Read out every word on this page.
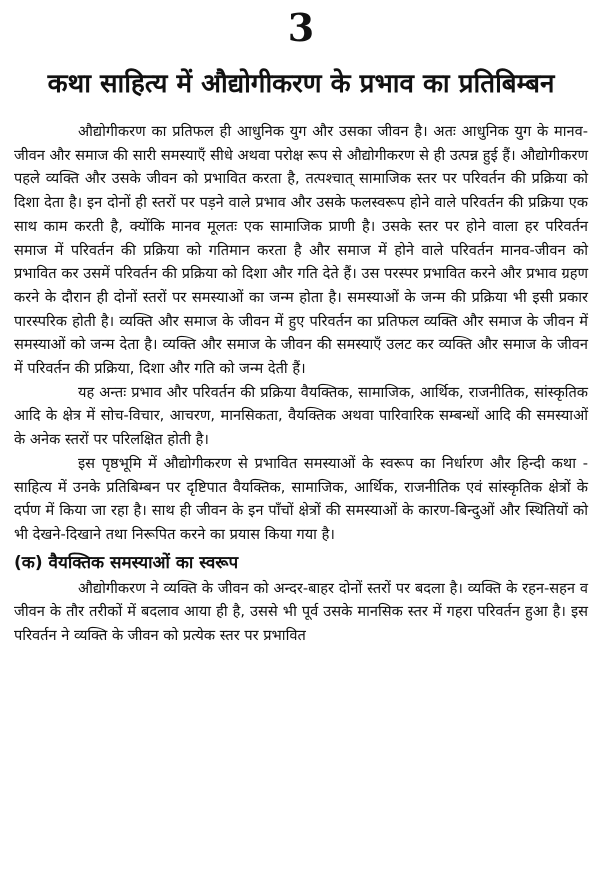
3
कथा साहित्य में औद्योगीकरण के प्रभाव का प्रतिबिम्बन

औद्योगीकरण का प्रतिफल ही आधुनिक युग और उसका जीवन है। अतः आधुनिक युग के मानव-जीवन और समाज की सारी समस्याएँ सीधे अथवा परोक्ष रूप से औद्योगीकरण से ही उत्पन्न हुई हैं। औद्योगीकरण पहले व्यक्ति और उसके जीवन को प्रभावित करता है, तत्पश्चात् सामाजिक स्तर पर परिवर्तन की प्रक्रिया को दिशा देता है। इन दोनों ही स्तरों पर पड़ने वाले प्रभाव और उसके फलस्वरूप होने वाले परिवर्तन की प्रक्रिया एक साथ काम करती है, क्योंकि मानव मूलतः एक सामाजिक प्राणी है। उसके स्तर पर होने वाला हर परिवर्तन समाज में परिवर्तन की प्रक्रिया को गतिमान करता है और समाज में होने वाले परिवर्तन मानव-जीवन को प्रभावित कर उसमें परिवर्तन की प्रक्रिया को दिशा और गति देते हैं। उस परस्पर प्रभावित करने और प्रभाव ग्रहण करने के दौरान ही दोनों स्तरों पर समस्याओं का जन्म होता है। समस्याओं के जन्म की प्रक्रिया भी इसी प्रकार पारस्परिक होती है। व्यक्ति और समाज के जीवन में हुए परिवर्तन का प्रतिफल व्यक्ति और समाज के जीवन में समस्याओं को जन्म देता है। व्यक्ति और समाज के जीवन की समस्याएँ उलट कर व्यक्ति और समाज के जीवन में परिवर्तन की प्रक्रिया, दिशा और गति को जन्म देती हैं।

यह अन्तः प्रभाव और परिवर्तन की प्रक्रिया वैयक्तिक, सामाजिक, आर्थिक, राजनीतिक, सांस्कृतिक आदि के क्षेत्र में सोच-विचार, आचरण, मानसिकता, वैयक्तिक अथवा पारिवारिक सम्बन्धों आदि की समस्याओं के अनेक स्तरों पर परिलक्षित होती है।

इस पृष्ठभूमि में औद्योगीकरण से प्रभावित समस्याओं के स्वरूप का निर्धारण और हिन्दी कथा - साहित्य में उनके प्रतिबिम्बन पर दृष्टिपात वैयक्तिक, सामाजिक, आर्थिक, राजनीतिक एवं सांस्कृतिक क्षेत्रों के दर्पण में किया जा रहा है। साथ ही जीवन के इन पाँचों क्षेत्रों की समस्याओं के कारण-बिन्दुओं और स्थितियों को भी देखने-दिखाने तथा निरूपित करने का प्रयास किया गया है।

(क) वैयक्तिक समस्याओं का स्वरूप

औद्योगीकरण ने व्यक्ति के जीवन को अन्दर-बाहर दोनों स्तरों पर बदला है। व्यक्ति के रहन-सहन व जीवन के तौर तरीकों में बदलाव आया ही है, उससे भी पूर्व उसके मानसिक स्तर में गहरा परिवर्तन हुआ है। इस परिवर्तन ने व्यक्ति के जीवन को प्रत्येक स्तर पर प्रभावित
